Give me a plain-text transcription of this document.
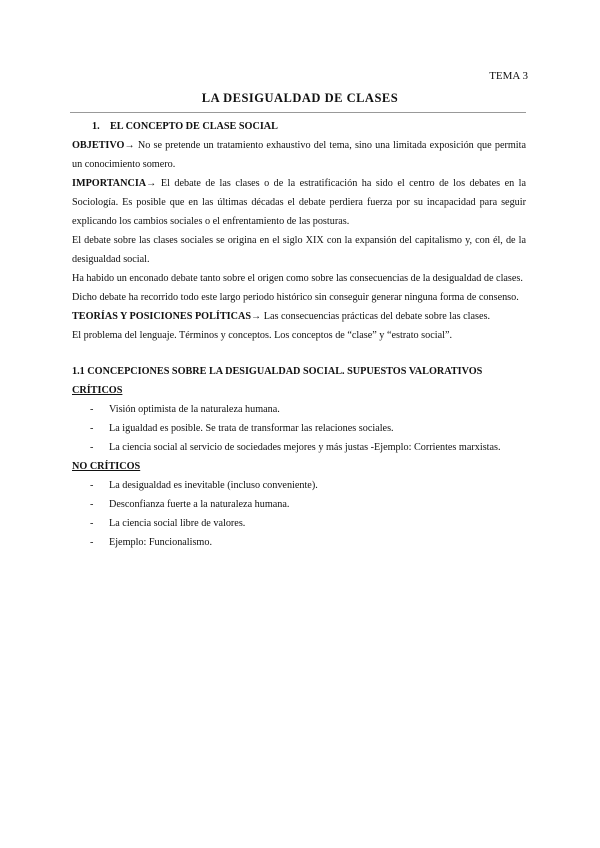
TEMA 3
LA DESIGUALDAD DE CLASES

1. EL CONCEPTO DE CLASE SOCIAL

OBJETIVO→ No se pretende un tratamiento exhaustivo del tema, sino una limitada exposición que permita un conocimiento somero.

IMPORTANCIA→ El debate de las clases o de la estratificación ha sido el centro de los debates en la Sociología. Es posible que en las últimas décadas el debate perdiera fuerza por su incapacidad para seguir explicando los cambios sociales o el enfrentamiento de las posturas.

El debate sobre las clases sociales se origina en el siglo XIX con la expansión del capitalismo y, con él, de la desigualdad social.

Ha habido un enconado debate tanto sobre el origen como sobre las consecuencias de la desigualdad de clases.

Dicho debate ha recorrido todo este largo periodo histórico sin conseguir generar ninguna forma de consenso.

TEORÍAS Y POSICIONES POLÍTICAS→ Las consecuencias prácticas del debate sobre las clases.

El problema del lenguaje. Términos y conceptos. Los conceptos de “clase” y “estrato social”.

1.1 CONCEPCIONES SOBRE LA DESIGUALDAD SOCIAL. SUPUESTOS VALORATIVOS

CRÍTICOS

- Visión optimista de la naturaleza humana.
- La igualdad es posible. Se trata de transformar las relaciones sociales.
- La ciencia social al servicio de sociedades mejores y más justas -Ejemplo: Corrientes marxistas.

NO CRÍTICOS

- La desigualdad es inevitable (incluso conveniente).
- Desconfianza fuerte a la naturaleza humana.
- La ciencia social libre de valores.
- Ejemplo: Funcionalismo.
